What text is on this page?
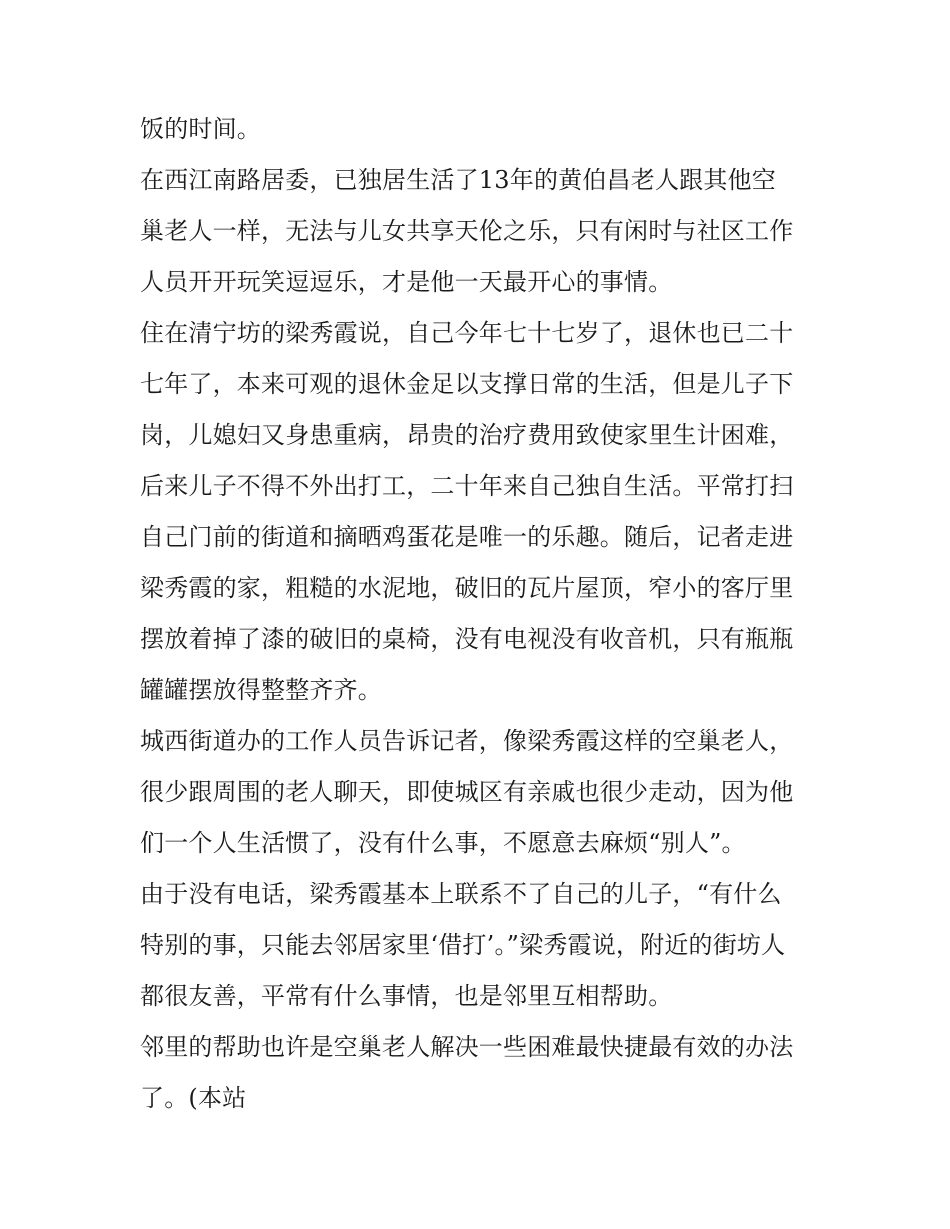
饭的时间。
在西江南路居委，已独居生活了13年的黄伯昌老人跟其他空
巢老人一样，无法与儿女共享天伦之乐，只有闲时与社区工作
人员开开玩笑逗逗乐，才是他一天最开心的事情。
住在清宁坊的梁秀霞说，自己今年七十七岁了，退休也已二十
七年了，本来可观的退休金足以支撑日常的生活，但是儿子下
岗，儿媳妇又身患重病，昂贵的治疗费用致使家里生计困难，
后来儿子不得不外出打工，二十年来自己独自生活。平常打扫
自己门前的街道和摘晒鸡蛋花是唯一的乐趣。随后，记者走进
梁秀霞的家，粗糙的水泥地，破旧的瓦片屋顶，窄小的客厅里
摆放着掉了漆的破旧的桌椅，没有电视没有收音机，只有瓶瓶
罐罐摆放得整整齐齐。
城西街道办的工作人员告诉记者，像梁秀霞这样的空巢老人，
很少跟周围的老人聊天，即使城区有亲戚也很少走动，因为他
们一个人生活惯了，没有什么事，不愿意去麻烦“别人”。
由于没有电话，梁秀霞基本上联系不了自己的儿子，“有什么
特别的事，只能去邻居家里‘借打’。”梁秀霞说，附近的街坊人
都很友善，平常有什么事情，也是邻里互相帮助。
邻里的帮助也许是空巢老人解决一些困难最快捷最有效的办法
了。(本站
